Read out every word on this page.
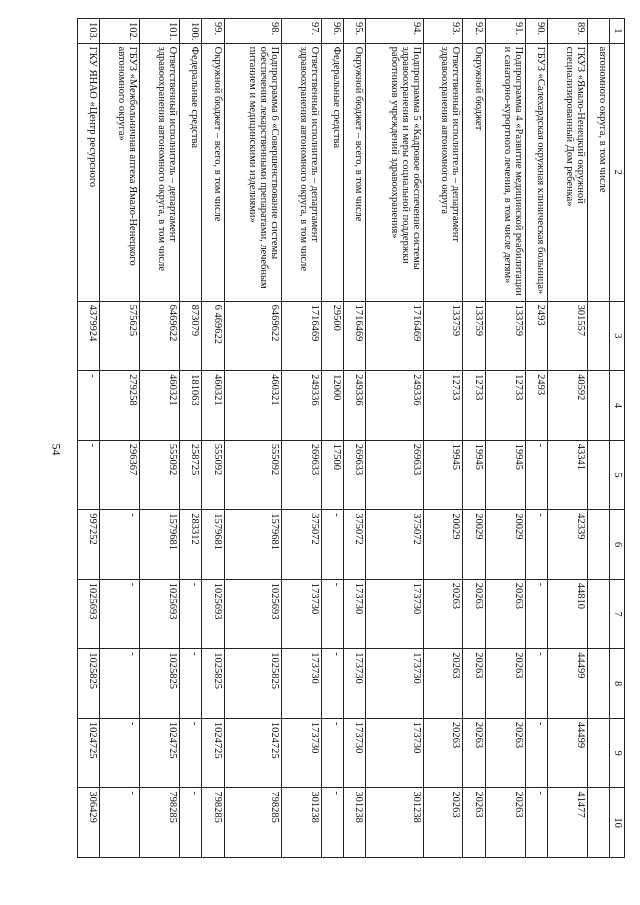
54
1	2	3	4	5	6	7	8	9	10
	автономного округа, в том числе								
89.	ГКУЗ «Ямало-Ненецкий окружной специализированный Дом ребенка»	301557	40592	43341	42339	44810	44499	44499	41477
90.	ГБУЗ «Салехардская окружная клиническая больница»	2493	2493	-	-	-	-	-	-
91.	Подпрограмма 4 «Развитие медицинской реабилитации и санаторно-курортного лечения, в том числе детям»	133759	12733	19945	20029	20263	20263	20263	20263
92.	Окружной бюджет	133759	12733	19945	20029	20263	20263	20263	20263
93.	Ответственный исполнитель – департамент здравоохранения автономного округа	133759	12733	19945	20029	20263	20263	20263	20263
94.	Подпрограмма 5 «Кадровое обеспечение системы здравоохранения и меры социальной поддержки работников учреждений здравоохранения»	1716469	249336	269633	375072	173730	173730	173730	301238
95.	Окружной бюджет – всего, в том числе	1716469	249336	269633	375072	173730	173730	173730	301238
96.	Федеральные средства	29500	12000	17500	-	-	-	-	-
97.	Ответственный исполнитель – департамент здравоохранения автономного округа, в том числе	1716469	249336	269633	375072	173730	173730	173730	301238
98.	Подпрограмма 6 «Совершенствование системы обеспечения лекарственными препаратами, лечебным питанием и медицинскими изделиями»	6469622	460321	555092	1579681	1025693	1025825	1024725	798285
99.	Окружной бюджет – всего, в том числе	6 469622	460321	555092	1579681	1025693	1025825	1024725	798285
100.	Федеральные средства	873079	181063	258725	283312	-	-	-	-
101.	Ответственный исполнитель – департамент здравоохранения автономного округа, в том числе	6469622	460321	555092	1579681	1025693	1025825	1024725	798285
102.	ГБУЗ «Межбольничная аптека Ямало-Ненецкого автономного округа»	575625	279258	296367	-	-	-	-	-
103.	ГКУ ЯНАО «Центр ресурсного	4379924	-	-	997252	1025693	1025825	1024725	306429
